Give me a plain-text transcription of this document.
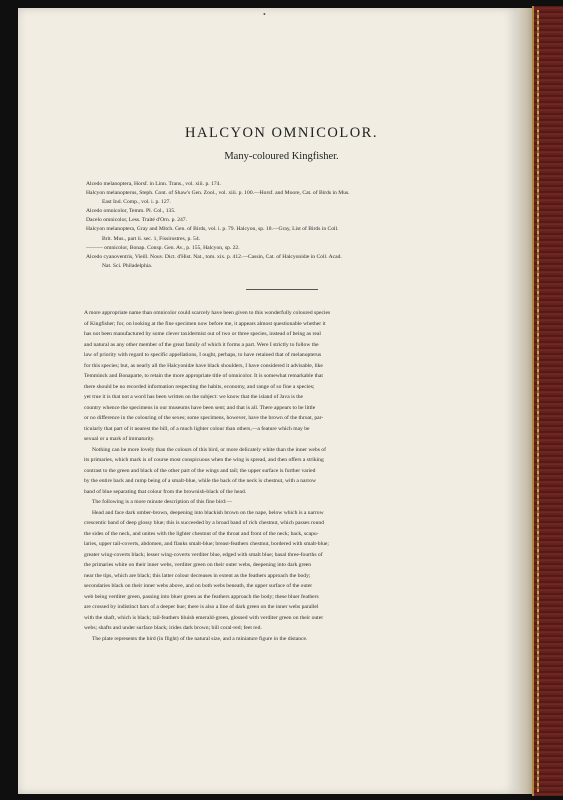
•
HALCYON OMNICOLOR.
Many-coloured Kingfisher.
Alcedo melanoptera, Horsf. in Linn. Trans., vol. xiii. p. 174.
Halcyon melanopterus, Steph. Cont. of Shaw's Gen. Zool., vol. xiii. p. 100.—Horsf. and Moore, Cat. of Birds in Mus.
East Ind. Comp., vol. i. p. 127.
Alcedo omnicolor, Temm. Pl. Col., 135.
Dacelo omnicolor, Less. Traité d'Orn. p. 247.
Halcyon melanoptera, Gray and Mitch. Gen. of Birds, vol. i. p. 79. Halcyon, sp. 18.—Gray, List of Birds in Coll.
Brit. Mus., part ii. sec. 1, Fissirostres, p. 54.
——— omnicolor, Bonap. Consp. Gen. Av., p. 155, Halcyon, sp. 22.
Alcedo cyanoventris, Vieill. Nouv. Dict. d'Hist. Nat., tom. xix. p. 412.—Cassin, Cat. of Halcyonidæ in Coll. Acad.
Nat. Sci. Philadelphia.
A more appropriate name than omnicolor could scarcely have been given to this wonderfully coloured species
of Kingfisher; for, on looking at the fine specimen now before me, it appears almost questionable whether it
has not been manufactured by some clever taxidermist out of two or three species, instead of being as real
and natural as any other member of the great family of which it forms a part. Were I strictly to follow the
law of priority with regard to specific appellations, I ought, perhaps, to have retained that of melanopterus
for this species; but, as nearly all the Halcyonidæ have black shoulders, I have considered it advisable, like
Temminck and Bonaparte, to retain the more appropriate title of omnicolor. It is somewhat remarkable that
there should be no recorded information respecting the habits, economy, and range of so fine a species;
yet true it is that not a word has been written on the subject: we know that the island of Java is the
country whence the specimens in our museums have been sent; and that is all. There appears to be little
or no difference in the colouring of the sexes; some specimens, however, have the brown of the throat, par-
ticularly that part of it nearest the bill, of a much lighter colour than others,—a feature which may be
sexual or a mark of immaturity.
Nothing can be more lovely than the colours of this bird, or more delicately white than the inner webs of
its primaries, which mark is of course most conspicuous when the wing is spread, and then offers a striking
contrast to the green and black of the other part of the wings and tail; the upper surface is further varied
by the entire back and rump being of a smalt-blue, while the back of the neck is chestnut, with a narrow
band of blue separating that colour from the brownish-black of the head.
The following is a more minute description of this fine bird:—
Head and face dark umber-brown, deepening into blackish brown on the nape, below which is a narrow
crescentic band of deep glossy blue; this is succeeded by a broad band of rich chestnut, which passes round
the sides of the neck, and unites with the lighter chestnut of the throat and front of the neck; back, scapu-
laries, upper tail-coverts, abdomen, and flanks smalt-blue; breast-feathers chestnut, bordered with smalt-blue;
greater wing-coverts black; lesser wing-coverts verditer blue, edged with smalt blue; basal three-fourths of
the primaries white on their inner webs, verditer green on their outer webs, deepening into dark green
near the tips, which are black; this latter colour decreases in extent as the feathers approach the body;
secondaries black on their inner webs above, and on both webs beneath, the upper surface of the outer
web being verditer green, passing into bluer green as the feathers approach the body; these bluer feathers
are crossed by indistinct bars of a deeper hue; there is also a line of dark green on the inner webs parallel
with the shaft, which is black; tail-feathers bluish emerald-green, glossed with verditer green on their outer
webs; shafts and under surface black; irides dark brown; bill coral-red; feet red.
The plate represents the bird (in flight) of the natural size, and a miniature figure in the distance.
